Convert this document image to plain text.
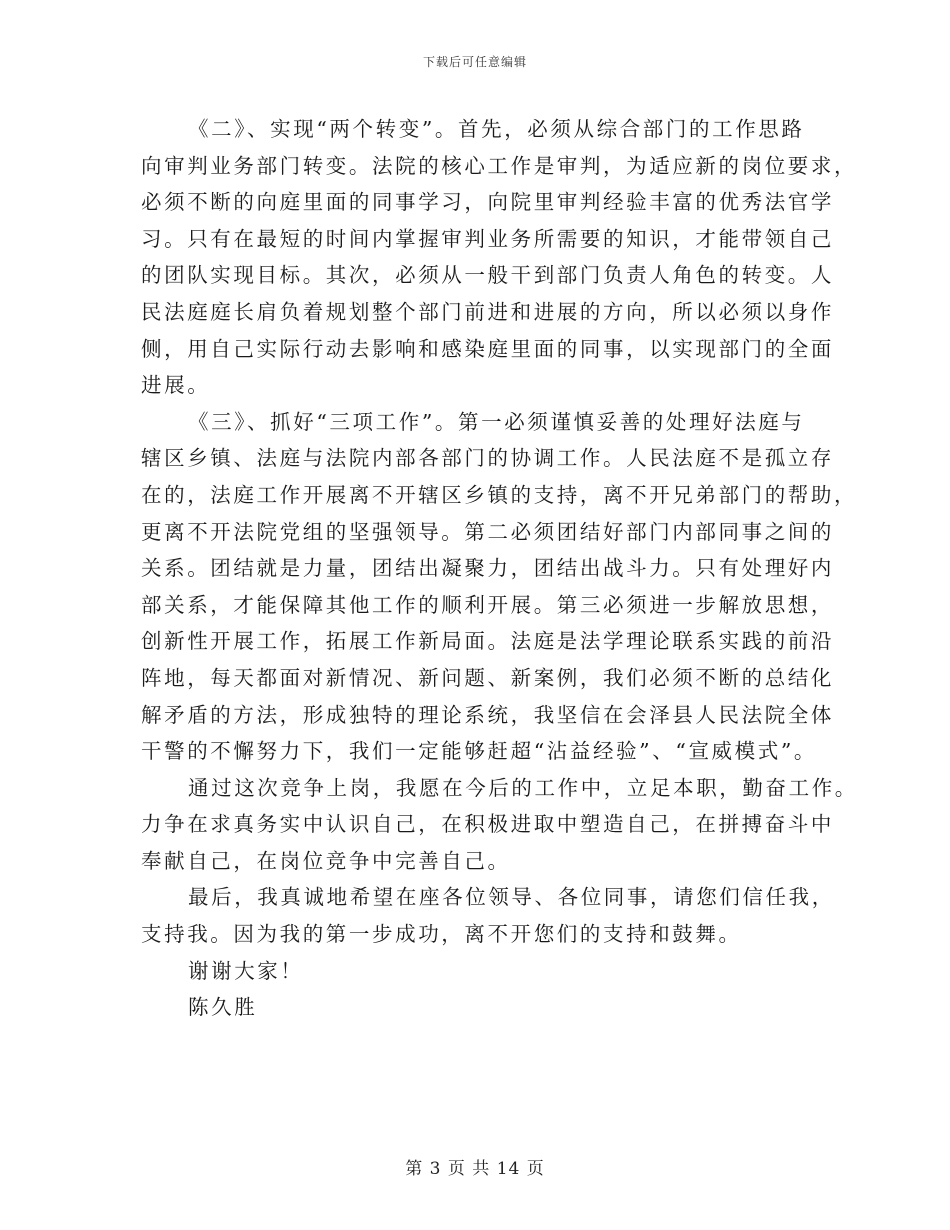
下载后可任意编辑
《二》、实现“两个转变”。首先，必须从综合部门的工作思路
向审判业务部门转变。法院的核心工作是审判，为适应新的岗位要求，
必须不断的向庭里面的同事学习，向院里审判经验丰富的优秀法官学
习。只有在最短的时间内掌握审判业务所需要的知识，才能带领自己
的团队实现目标。其次，必须从一般干到部门负责人角色的转变。人
民法庭庭长肩负着规划整个部门前进和进展的方向，所以必须以身作
侧，用自己实际行动去影响和感染庭里面的同事，以实现部门的全面
进展。
《三》、抓好“三项工作”。第一必须谨慎妥善的处理好法庭与
辖区乡镇、法庭与法院内部各部门的协调工作。人民法庭不是孤立存
在的，法庭工作开展离不开辖区乡镇的支持，离不开兄弟部门的帮助，
更离不开法院党组的坚强领导。第二必须团结好部门内部同事之间的
关系。团结就是力量，团结出凝聚力，团结出战斗力。只有处理好内
部关系，才能保障其他工作的顺利开展。第三必须进一步解放思想，
创新性开展工作，拓展工作新局面。法庭是法学理论联系实践的前沿
阵地，每天都面对新情况、新问题、新案例，我们必须不断的总结化
解矛盾的方法，形成独特的理论系统，我坚信在会泽县人民法院全体
干警的不懈努力下，我们一定能够赶超“沾益经验”、“宣威模式”。
通过这次竞争上岗，我愿在今后的工作中，立足本职，勤奋工作。
力争在求真务实中认识自己，在积极进取中塑造自己，在拼搏奋斗中
奉献自己，在岗位竞争中完善自己。
最后，我真诚地希望在座各位领导、各位同事，请您们信任我，
支持我。因为我的第一步成功，离不开您们的支持和鼓舞。
谢谢大家！
陈久胜
第 3 页 共 14 页
